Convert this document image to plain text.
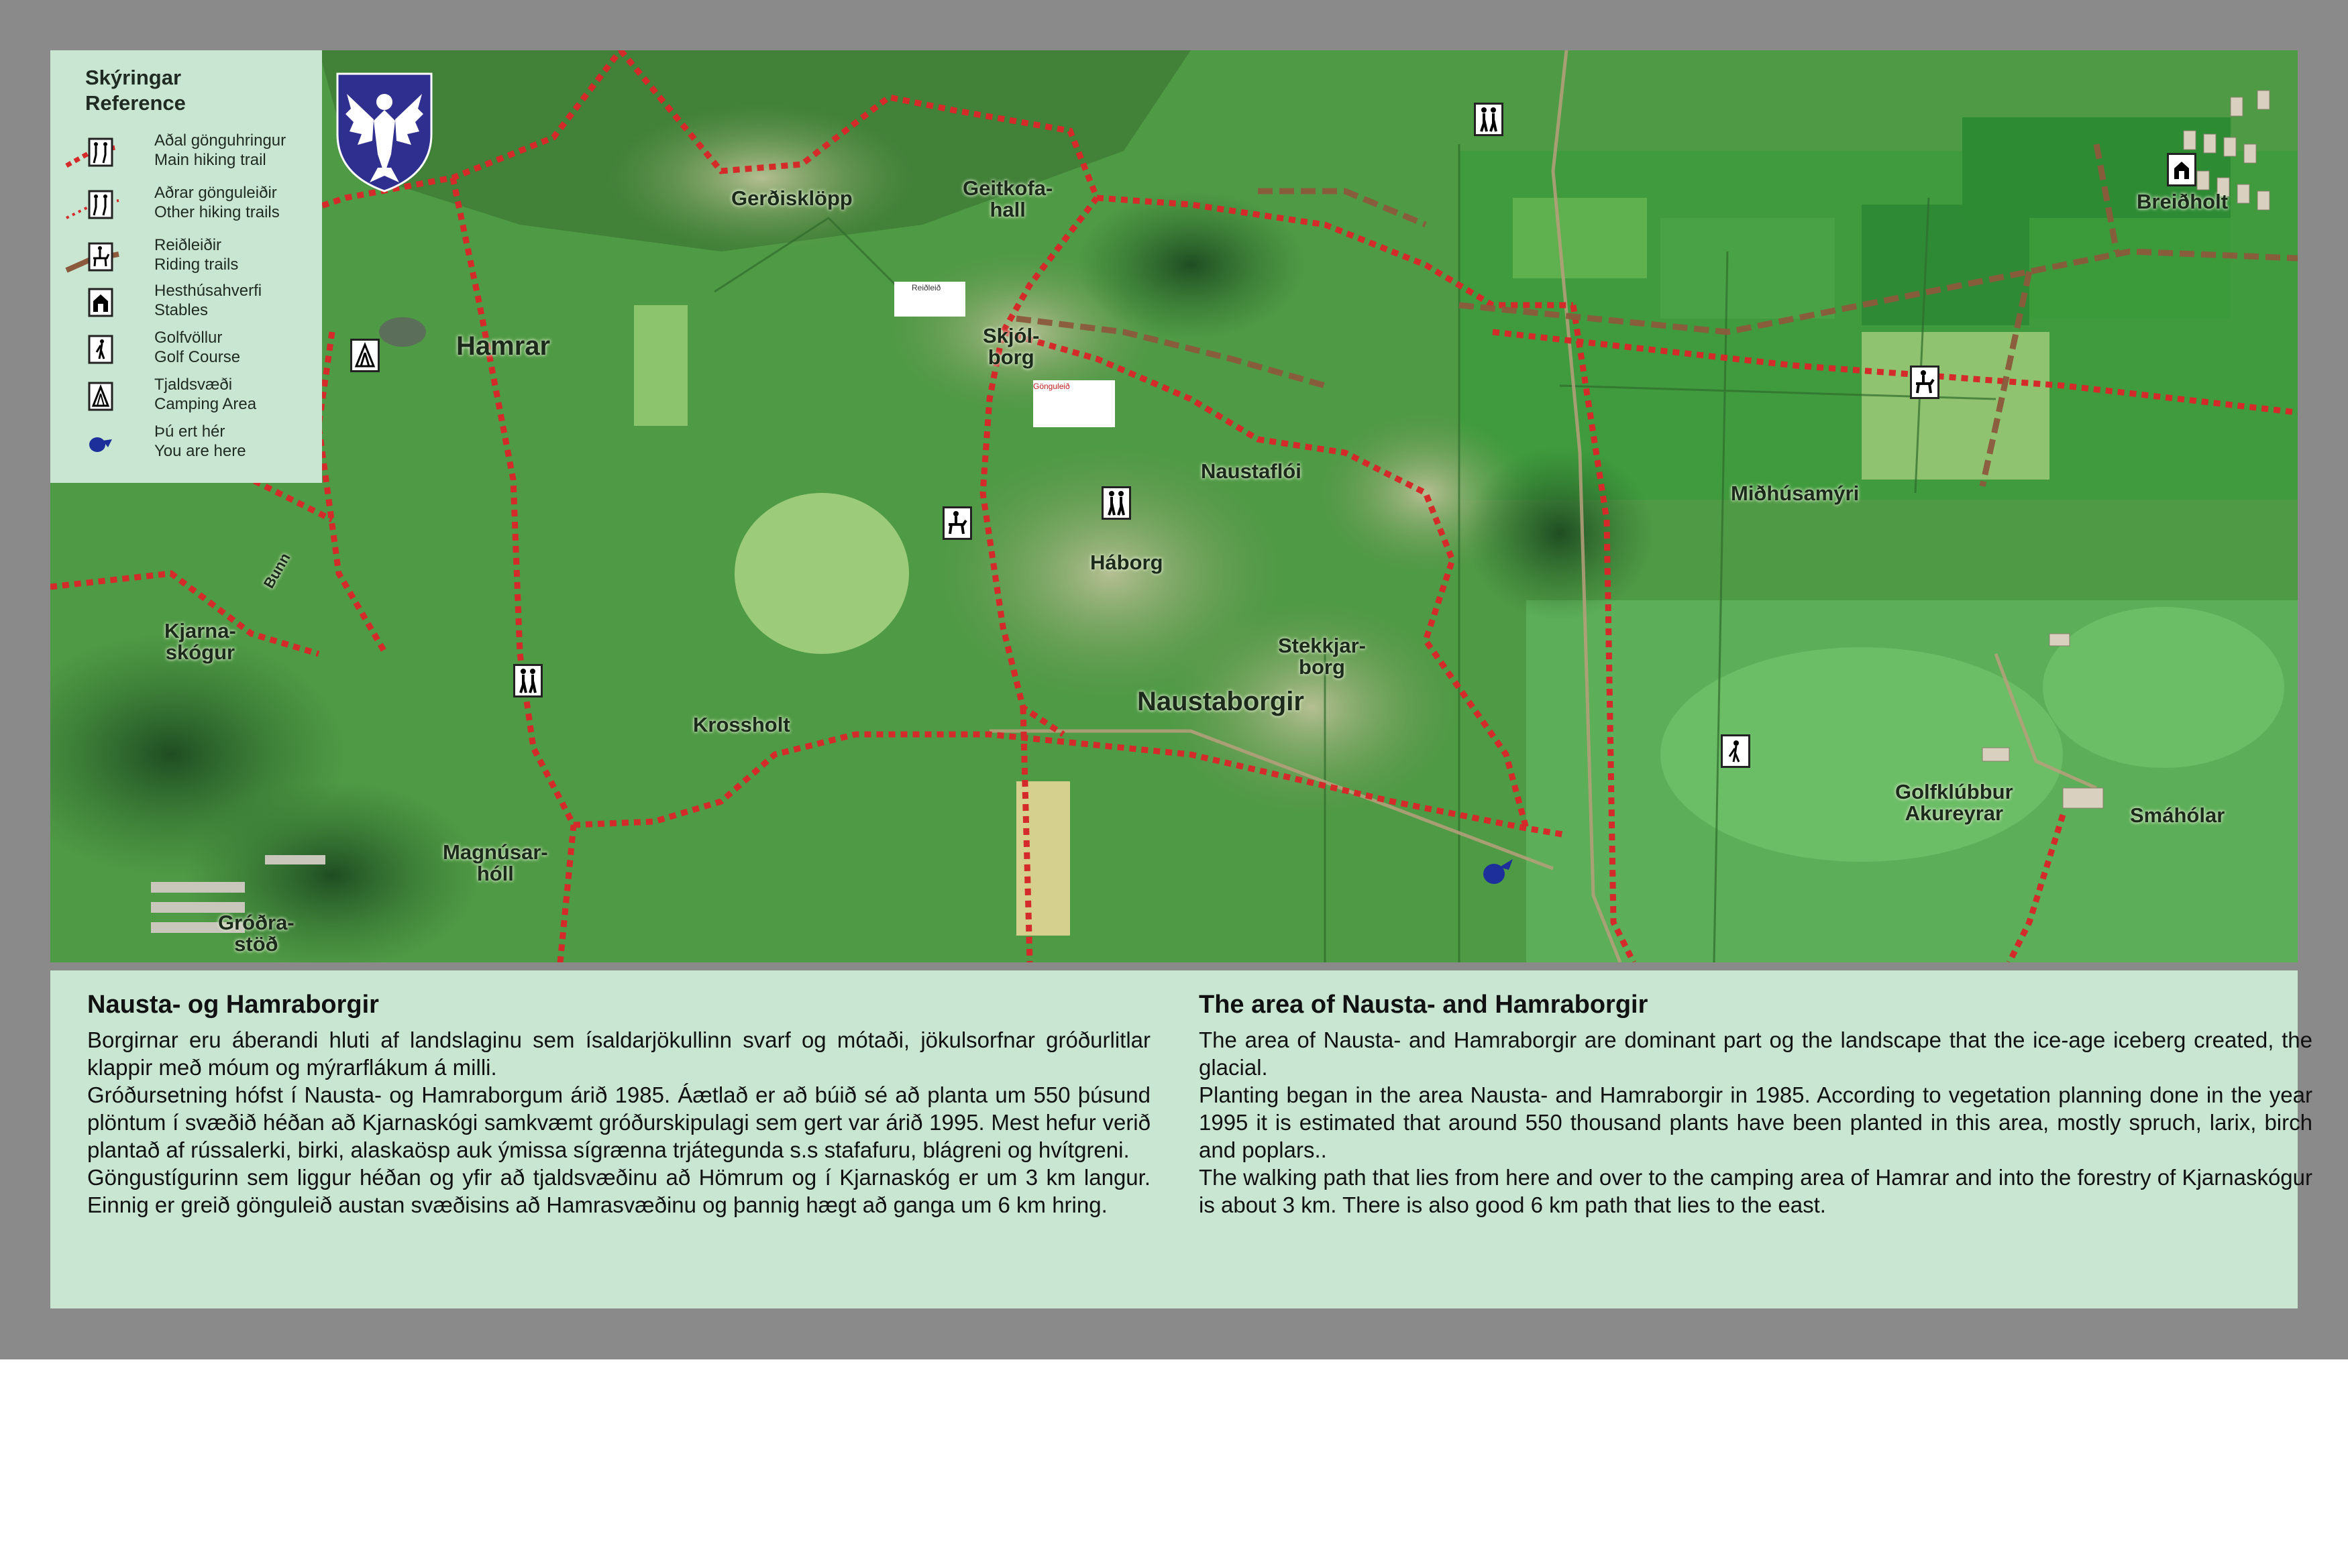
Gerðisklöpp	Geitkofa-
hall
Skjól-
borg
Hamrar
Naustaflói
Háborg
Stekkjar-
borg
Naustaborgir
Krossholt
Kjarna-
skógur
Bunn
Magnúsar-
hóll
Gróðra-
stöð
Miðhúsamýri
Breiðholt
Golfklúbbur
Akureyrar	Smáhólar
Reiðleið
Gönguleið
Skýringar
Reference
Aðal gönguhringur
Main hiking trail
Aðrar gönguleiðir
Other hiking trails
Reiðleiðir
Riding trails
Hesthúsahverfi
Stables
Golfvöllur
Golf Course
Tjaldsvæði
Camping Area
Þú ert hér
You are here
Nausta- og Hamraborgir

Borgirnar eru áberandi hluti af landslaginu sem ísaldarjökullinn svarf og mótaði, jökulsorfnar gróðurlitlar klappir með móum og mýrarflákum á milli.

Gróðursetning hófst í Nausta- og Hamraborgum árið 1985. Áætlað er að búið sé að planta um 550 þúsund plöntum í svæðið héðan að Kjarnaskógi samkvæmt gróðurskipulagi sem gert var árið 1995. Mest hefur verið plantað af rússalerki, birki, alaskaösp auk ýmissa sígrænna trjátegunda s.s stafafuru, blágreni og hvítgreni.

Göngustígurinn sem liggur héðan og yfir að tjaldsvæðinu að Hömrum og í Kjarnaskóg er um 3 km langur. Einnig er greið gönguleið austan svæðisins að Hamrasvæðinu og þannig hægt að ganga um 6 km hring.

The area of Nausta- and Hamraborgir

The area of Nausta- and Hamraborgir are dominant part og the landscape that the ice-age iceberg created, the glacial.

Planting began in the area Nausta- and Hamraborgir in 1985. According to vegetation planning done in the year 1995 it is estimated that around 550 thousand plants have been planted in this area, mostly spruch, larix, birch and poplars..

The walking path that lies from here and over to the camping area of Hamrar and into the forestry of Kjarnaskógur is about 3 km. There is also good 6 km path that lies to the east.
